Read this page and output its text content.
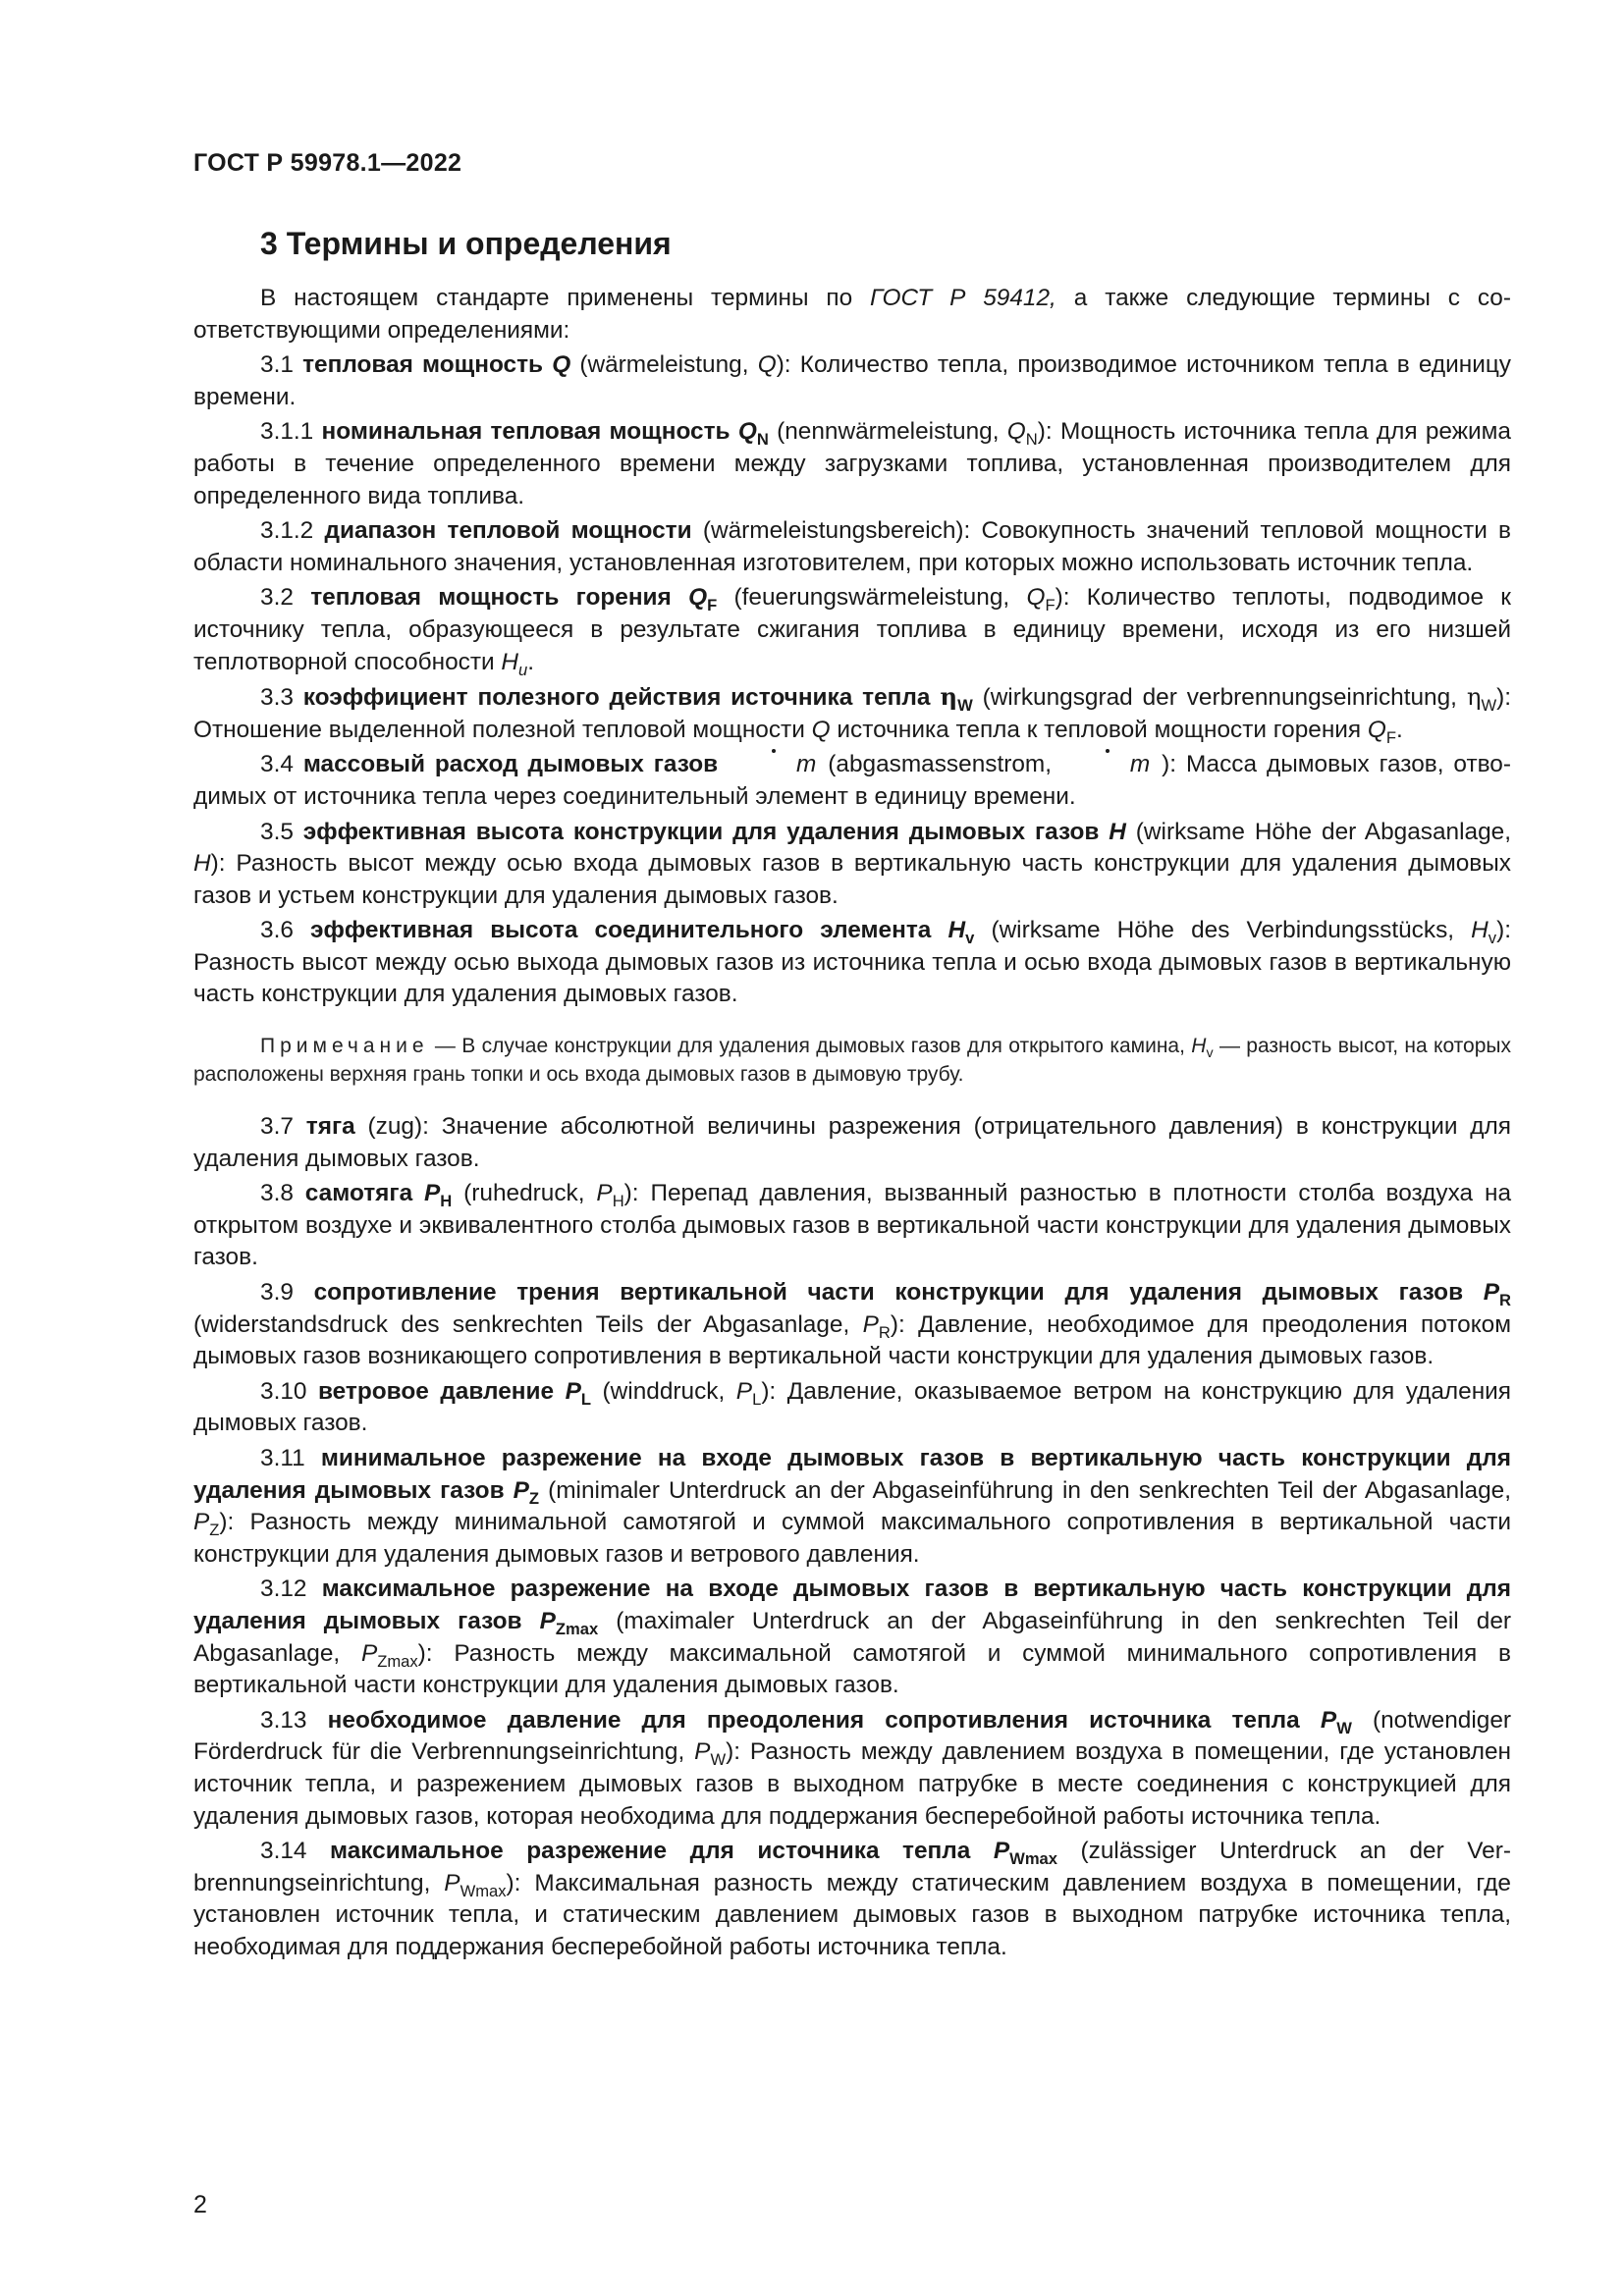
ГОСТ Р 59978.1—2022
3 Термины и определения

В настоящем стандарте применены термины по ГОСТ Р 59412, а также следующие термины с соответствующими определениями:

3.1 тепловая мощность Q (wärmeleistung, Q): Количество тепла, производимое источником тепла в единицу времени.

3.1.1 номинальная тепловая мощность $Q_N$ (nennwärmeleistung, $Q_N$): Мощность источника тепла для режима работы в течение определенного времени между загрузками топлива, установленная производителем для определенного вида топлива.

3.1.2 диапазон тепловой мощности (wärmeleistungsbereich): Совокупность значений тепловой мощности в области номинального значения, установленная изготовителем, при которых можно использовать источник тепла.

3.2 тепловая мощность горения $Q_F$ (feuerungswärmeleistung, $Q_F$): Количество теплоты, подводимое к источнику тепла, образующееся в результате сжигания топлива в единицу времени, исходя из его низшей теплотворной способности $H_u$.

3.3 коэффициент полезного действия источника тепла $\eta_W$ (wirkungsgrad der verbrennungseinrichtung, $\eta_W$): Отношение выделенной полезной тепловой мощности Q источника тепла к тепловой мощности горения $Q_F$.

3.4 массовый расход дымовых газов	m (abgasmassenstrom,	m ): Масса дымовых газов, отводимых от источника тепла через соединительный элемент в единицу времени.

3.5 эффективная высота конструкции для удаления дымовых газов H (wirksame Höhe der Abgasanlage, H): Разность высот между осью входа дымовых газов в вертикальную часть конструкции для удаления дымовых газов и устьем конструкции для удаления дымовых газов.

3.6 эффективная высота соединительного элемента $H_v$ (wirksame Höhe des Verbindungsstücks, $H_v$): Разность высот между осью выхода дымовых газов из источника тепла и осью входа дымовых газов в вертикальную часть конструкции для удаления дымовых газов.

Примечание — В случае конструкции для удаления дымовых газов для открытого камина, $H_v$ — разность высот, на которых расположены верхняя грань топки и ось входа дымовых газов в дымовую трубу.

3.7 тяга (zug): Значение абсолютной величины разрежения (отрицательного давления) в конструкции для удаления дымовых газов.

3.8 самотяга $P_H$ (ruhedruck, $P_H$): Перепад давления, вызванный разностью в плотности столба воздуха на открытом воздухе и эквивалентного столба дымовых газов в вертикальной части конструкции для удаления дымовых газов.

3.9 сопротивление трения вертикальной части конструкции для удаления дымовых газов $P_R$ (widerstandsdruck des senkrechten Teils der Abgasanlage, $P_R$): Давление, необходимое для преодоления потоком дымовых газов возникающего сопротивления в вертикальной части конструкции для удаления дымовых газов.

3.10 ветровое давление $P_L$ (winddruck, $P_L$): Давление, оказываемое ветром на конструкцию для удаления дымовых газов.

3.11 минимальное разрежение на входе дымовых газов в вертикальную часть конструкции для удаления дымовых газов $P_Z$ (minimaler Unterdruck an der Abgaseinführung in den senkrechten Teil der Abgasanlage, $P_Z$): Разность между минимальной самотягой и суммой максимального сопротивления в вертикальной части конструкции для удаления дымовых газов и ветрового давления.

3.12 максимальное разрежение на входе дымовых газов в вертикальную часть конструкции для удаления дымовых газов $P_{Zmax}$ (maximaler Unterdruck an der Abgaseinführung in den senkrechten Teil der Abgasanlage, $P_{Zmax}$): Разность между максимальной самотягой и суммой минимального сопротивления в вертикальной части конструкции для удаления дымовых газов.

3.13 необходимое давление для преодоления сопротивления источника тепла $P_W$ (notwendiger Förderdruck für die Verbrennungseinrichtung, $P_W$): Разность между давлением воздуха в помещении, где установлен источник тепла, и разрежением дымовых газов в выходном патрубке в месте соединения с конструкцией для удаления дымовых газов, которая необходима для поддержания бесперебойной работы источника тепла.

3.14 максимальное разрежение для источника тепла $P_{Wmax}$ (zulässiger Unterdruck an der Verbrennungseinrichtung, $P_{Wmax}$): Максимальная разность между статическим давлением воздуха в помещении, где установлен источник тепла, и статическим давлением дымовых газов в выходном патрубке источника тепла, необходимая для поддержания бесперебойной работы источника тепла.

2
